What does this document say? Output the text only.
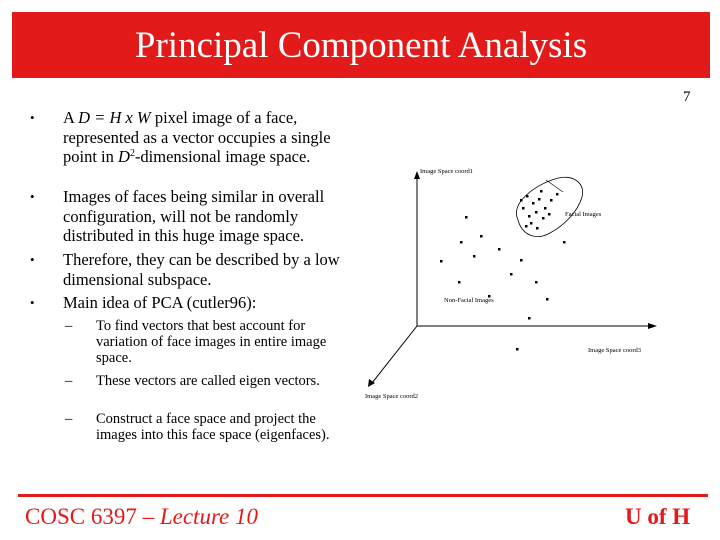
Principal Component Analysis
7
•	A D = H x W pixel image of a face, represented as a vector occupies a single point in $D^2$-dimensional image space.
•	Images of faces being similar in overall configuration, will not be randomly distributed in this huge image space.
•	Therefore, they can be described by a low dimensional subspace.
•	Main idea of PCA (cutler96):
– To find vectors that best account for variation of face images in entire image space.
– These vectors are called eigen vectors.
– Construct a face space and project the images into this face space (eigenfaces).
Image Space coord1
Facial Images
Non-Facial Images
Image Space coord3
Image Space coord2
COSC 6397 – Lecture 10	U of H
